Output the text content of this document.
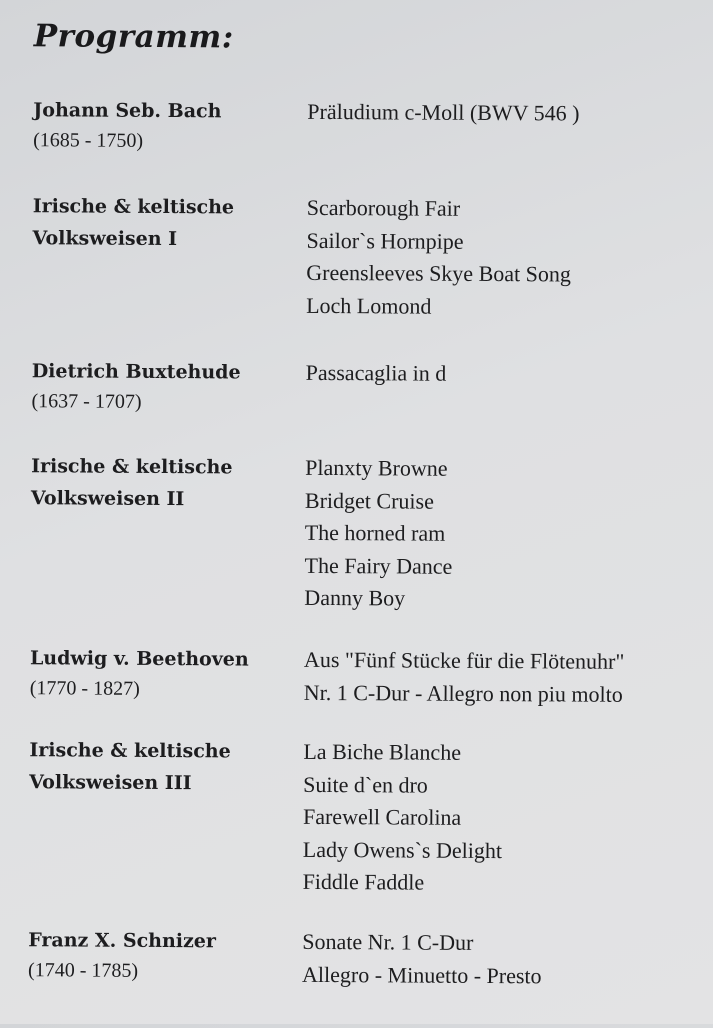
Programm:
Johann Seb. Bach
(1685 - 1750)
Präludium c-Moll (BWV 546 )
Irische & keltische
Volksweisen I
Scarborough Fair
Sailor`s Hornpipe
Greensleeves Skye Boat Song
Loch Lomond
Dietrich Buxtehude
(1637 - 1707)
Passacaglia in d
Irische & keltische
Volksweisen II
Planxty Browne
Bridget Cruise
The horned ram
The Fairy Dance
Danny Boy
Ludwig v. Beethoven
(1770 - 1827)
Aus "Fünf Stücke für die Flötenuhr"
Nr. 1 C-Dur - Allegro non piu molto
Irische & keltische
Volksweisen III
La Biche Blanche
Suite d`en dro
Farewell Carolina
Lady Owens`s Delight
Fiddle Faddle
Franz X. Schnizer
(1740 - 1785)
Sonate Nr. 1 C-Dur
Allegro - Minuetto - Presto
